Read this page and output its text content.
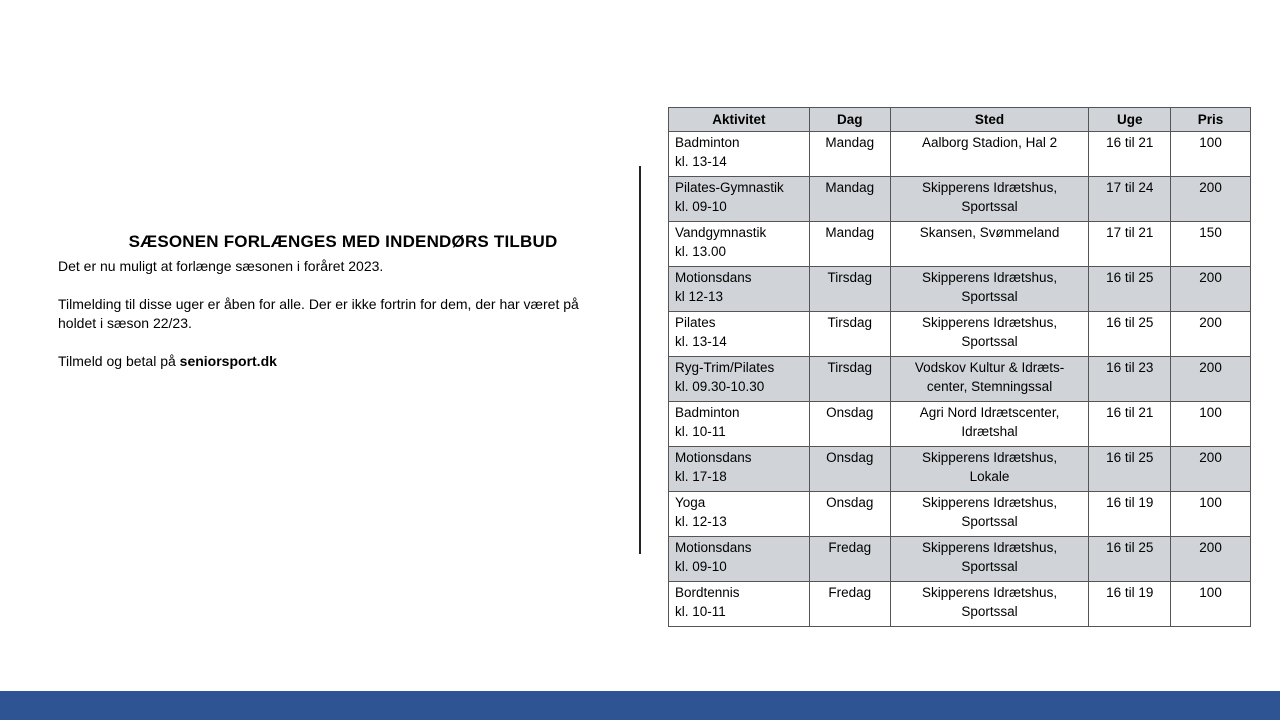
SÆSONEN FORLÆNGES MED INDENDØRS TILBUD

Det er nu muligt at forlænge sæsonen i foråret 2023.

Tilmelding til disse uger er åben for alle. Der er ikke fortrin for dem, der har været på holdet i sæson 22/23.

Tilmeld og betal på seniorsport.dk

Aktivitet	Dag	Sted	Uge	Pris

Badminton
kl. 13-14	Mandag	Aalborg Stadion, Hal 2	16 til 21	100

Pilates-Gymnastik
kl. 09-10	Mandag	Skipperens Idrætshus,
Sportssal	17 til 24	200

Vandgymnastik
kl. 13.00	Mandag	Skansen, Svømmeland	17 til 21	150

Motionsdans
kl 12-13	Tirsdag	Skipperens Idrætshus,
Sportssal	16 til 25	200

Pilates
kl. 13-14	Tirsdag	Skipperens Idrætshus,
Sportssal	16 til 25	200

Ryg-Trim/Pilates
kl. 09.30-10.30	Tirsdag	Vodskov Kultur & Idræts-
center, Stemningssal	16 til 23	200

Badminton
kl. 10-11	Onsdag	Agri Nord Idrætscenter,
Idrætshal	16 til 21	100

Motionsdans
kl. 17-18	Onsdag	Skipperens Idrætshus,
Lokale	16 til 25	200

Yoga
kl. 12-13	Onsdag	Skipperens Idrætshus,
Sportssal	16 til 19	100

Motionsdans
kl. 09-10	Fredag	Skipperens Idrætshus,
Sportssal	16 til 25	200

Bordtennis
kl. 10-11	Fredag	Skipperens Idrætshus,
Sportssal	16 til 19	100
